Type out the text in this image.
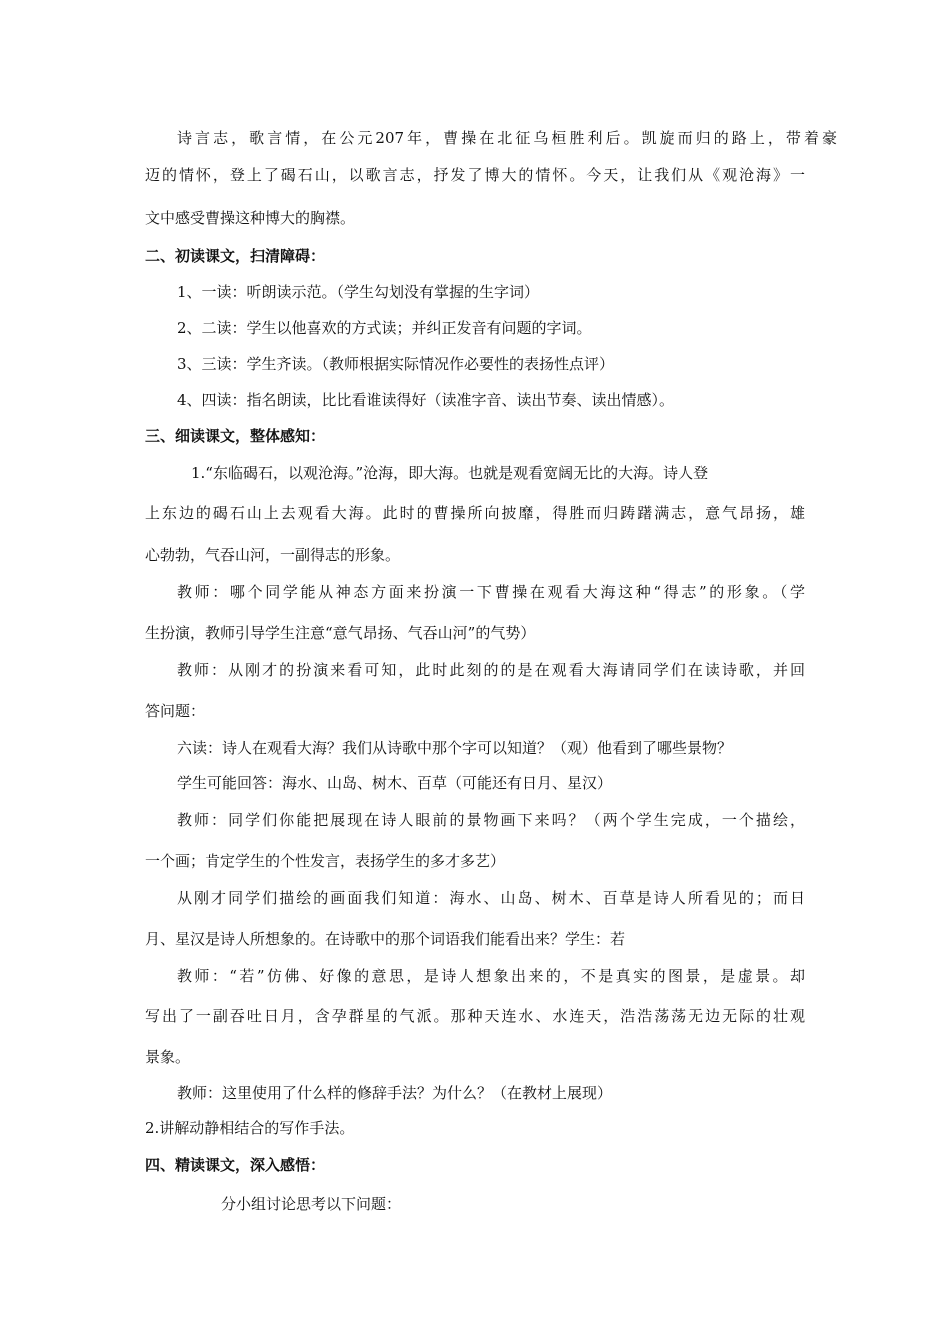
诗言志，歌言情，在公元207年，曹操在北征乌桓胜利后。凯旋而归的路上，带着豪
迈的情怀，登上了碣石山，以歌言志，抒发了博大的情怀。今天，让我们从《观沧海》一
文中感受曹操这种博大的胸襟。
二、初读课文，扫清障碍：
1、一读：听朗读示范。（学生勾划没有掌握的生字词）
2、二读：学生以他喜欢的方式读；并纠正发音有问题的字词。
3、三读：学生齐读。（教师根据实际情况作必要性的表扬性点评）
4、四读：指名朗读，比比看谁读得好（读准字音、读出节奏、读出情感）。
三、细读课文，整体感知：
1.“东临碣石，以观沧海。”沧海，即大海。也就是观看宽阔无比的大海。诗人登
上东边的碣石山上去观看大海。此时的曹操所向披靡，得胜而归踌躇满志，意气昂扬，雄
心勃勃，气吞山河，一副得志的形象。
教师：哪个同学能从神态方面来扮演一下曹操在观看大海这种“得志”的形象。（学
生扮演，教师引导学生注意“意气昂扬、气吞山河”的气势）
教师：从刚才的扮演来看可知，此时此刻的的是在观看大海请同学们在读诗歌，并回
答问题：
六读：诗人在观看大海？我们从诗歌中那个字可以知道？（观）他看到了哪些景物？
学生可能回答：海水、山岛、树木、百草（可能还有日月、星汉）
教师：同学们你能把展现在诗人眼前的景物画下来吗？（两个学生完成，一个描绘，
一个画；肯定学生的个性发言，表扬学生的多才多艺）
从刚才同学们描绘的画面我们知道：海水、山岛、树木、百草是诗人所看见的；而日
月、星汉是诗人所想象的。在诗歌中的那个词语我们能看出来？学生：若
教师：“若”仿佛、好像的意思，是诗人想象出来的，不是真实的图景，是虚景。却
写出了一副吞吐日月，含孕群星的气派。那种天连水、水连天，浩浩荡荡无边无际的壮观
景象。
教师：这里使用了什么样的修辞手法？为什么？（在教材上展现）
2.讲解动静相结合的写作手法。
四、精读课文，深入感悟：
分小组讨论思考以下问题：
